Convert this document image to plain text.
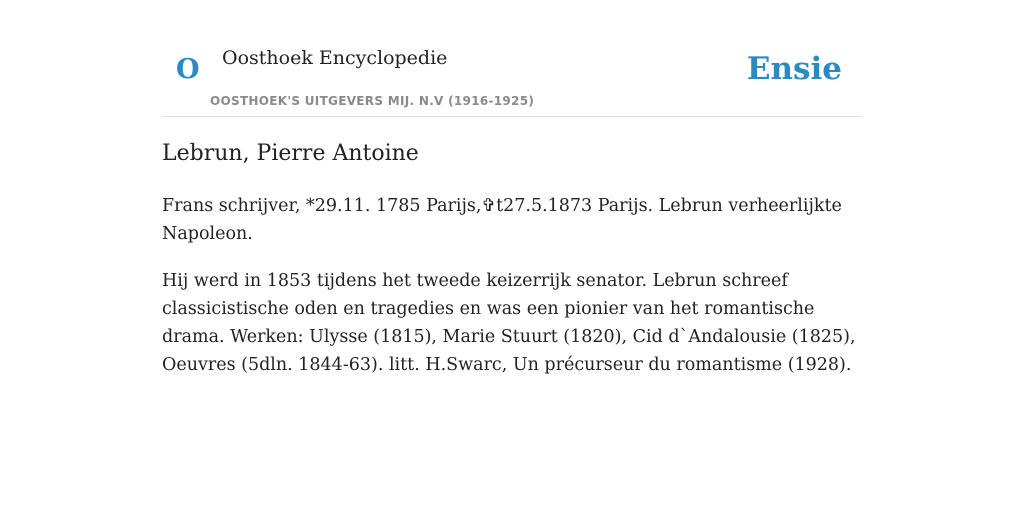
O Oosthoek Encyclopedie
OOSTHOEK'S UITGEVERS MIJ. N.V (1916-1925)
Ensie
Lebrun, Pierre Antoine

Frans schrijver, *29.11. 1785 Parijs,✞t27.5.1873 Parijs. Lebrun verheerlijkte Napoleon.

Hij werd in 1853 tijdens het tweede keizerrijk senator. Lebrun schreef classicistische oden en tragedies en was een pionier van het romantische drama. Werken: Ulysse (1815), Marie Stuurt (1820), Cid d`Andalousie (1825), Oeuvres (5dln. 1844-63). litt. H.Swarc, Un précurseur du romantisme (1928).
